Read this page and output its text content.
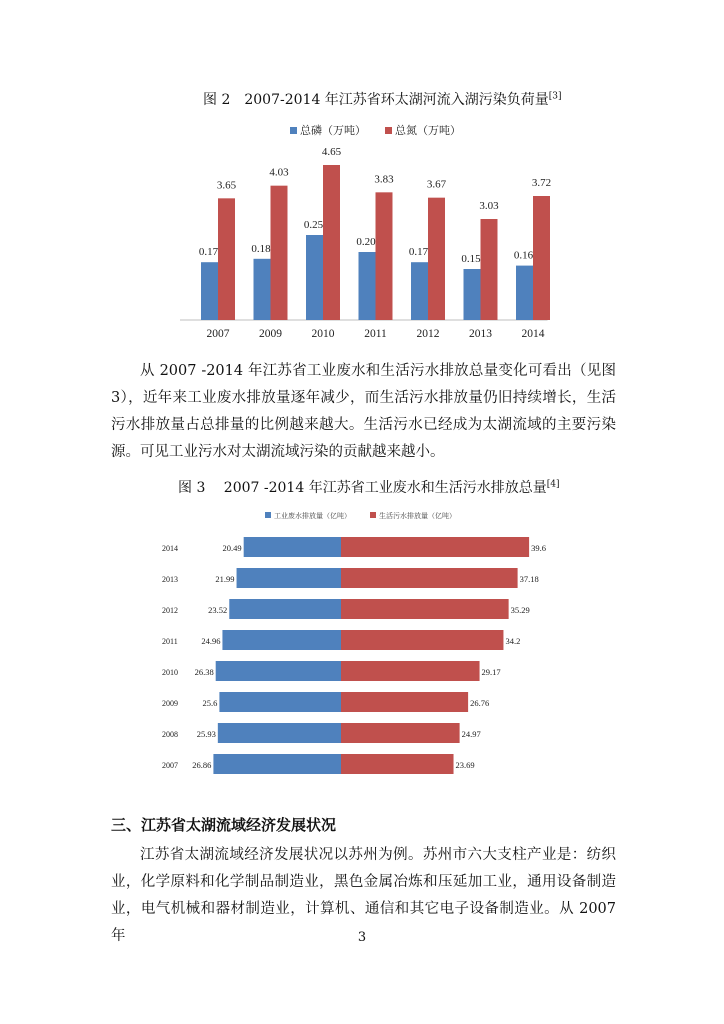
图 2　2007-2014 年江苏省环太湖河流入湖污染负荷量[3]
总磷（万吨）	总氮（万吨）
0.17
3.65
2007
0.18
4.03
2009
0.25
4.65
2010
0.20
3.83
2011
0.17
3.67
2012
0.15
3.03
2013
0.16
3.72
2014

从 2007 -2014 年江苏省工业废水和生活污水排放总量变化可看出（见图 3），近年来工业废水排放量逐年减少，而生活污水排放量仍旧持续增长，生活污水排放量占总排量的比例越来越大。生活污水已经成为太湖流域的主要污染源。可见工业污水对太湖流域污染的贡献越来越小。

图 3　 2007 -2014 年江苏省工业废水和生活污水排放总量[4]
工业废水排放量（亿吨）	生活污水排放量（亿吨）
20.49	39.6
2014
21.99	37.18
2013
23.52	35.29
2012
24.96	34.2
2011
26.38	29.17
2010
25.6	26.76
2009
25.93	24.97
2008
26.86	23.69
2007
三、江苏省太湖流域经济发展状况

江苏省太湖流域经济发展状况以苏州为例。苏州市六大支柱产业是：纺织业，化学原料和化学制品制造业，黑色金属冶炼和压延加工业，通用设备制造业，电气机械和器材制造业，计算机、通信和其它电子设备制造业。从 2007 年	3
